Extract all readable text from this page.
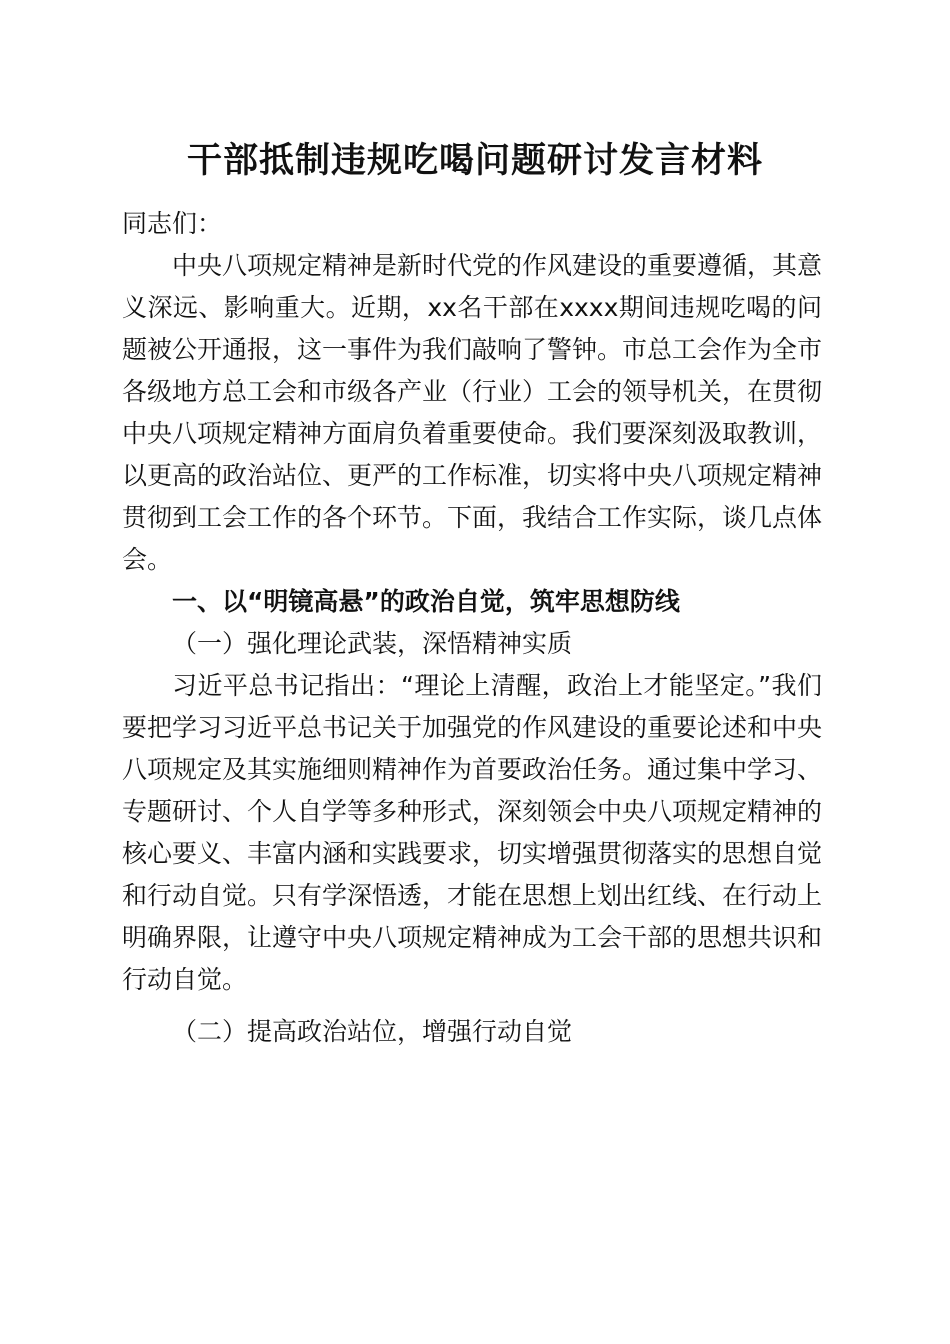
干部抵制违规吃喝问题研讨发言材料

同志们：

中央八项规定精神是新时代党的作风建设的重要遵循，其意义深远、影响重大。近期，xx名干部在xxxx期间违规吃喝的问题被公开通报，这一事件为我们敲响了警钟。市总工会作为全市各级地方总工会和市级各产业（行业）工会的领导机关，在贯彻中央八项规定精神方面肩负着重要使命。我们要深刻汲取教训，以更高的政治站位、更严的工作标准，切实将中央八项规定精神贯彻到工会工作的各个环节。下面，我结合工作实际，谈几点体会。

一、以“明镜高悬”的政治自觉，筑牢思想防线

（一）强化理论武装，深悟精神实质

习近平总书记指出：“理论上清醒，政治上才能坚定。”我们要把学习习近平总书记关于加强党的作风建设的重要论述和中央八项规定及其实施细则精神作为首要政治任务。通过集中学习、专题研讨、个人自学等多种形式，深刻领会中央八项规定精神的核心要义、丰富内涵和实践要求，切实增强贯彻落实的思想自觉和行动自觉。只有学深悟透，才能在思想上划出红线、在行动上明确界限，让遵守中央八项规定精神成为工会干部的思想共识和行动自觉。

（二）提高政治站位，增强行动自觉
